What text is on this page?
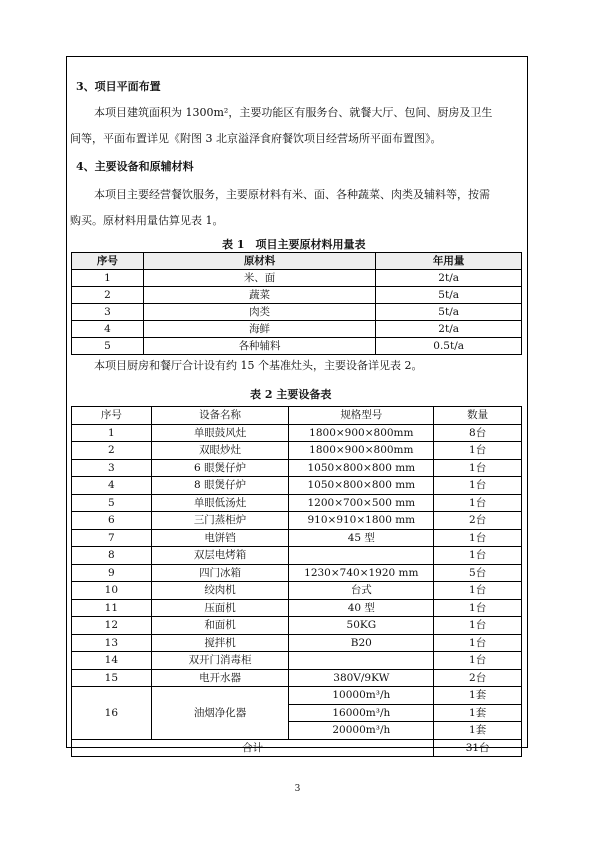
3、项目平面布置
本项目建筑面积为 1300m²，主要功能区有服务台、就餐大厅、包间、厨房及卫生
间等，平面布置详见《附图 3 北京溢泽食府餐饮项目经营场所平面布置图》。
4、主要设备和原辅材料
本项目主要经营餐饮服务，主要原材料有米、面、各种蔬菜、肉类及辅料等，按需
购买。原材料用量估算见表 1。
表 1　项目主要原材料用量表
序号	原材料	年用量
1	米、面	2t/a
2	蔬菜	5t/a
3	肉类	5t/a
4	海鲜	2t/a
5	各种辅料	0.5t/a
本项目厨房和餐厅合计设有约 15 个基准灶头，主要设备详见表 2。
表 2 主要设备表
序号	设备名称	规格型号	数量
1	单眼鼓风灶	1800×900×800mm	8台
2	双眼炒灶	1800×900×800mm	1台
3	6 眼煲仔炉	1050×800×800 mm	1台
4	8 眼煲仔炉	1050×800×800 mm	1台
5	单眼低汤灶	1200×700×500 mm	1台
6	三门蒸柜炉	910×910×1800 mm	2台
7	电饼铛	45 型	1台
8	双层电烤箱		1台
9	四门冰箱	1230×740×1920 mm	5台
10	绞肉机	台式	1台
11	压面机	40 型	1台
12	和面机	50KG	1台
13	搅拌机	B20	1台
14	双开门消毒柜		1台
15	电开水器	380V/9KW	2台
16	油烟净化器	10000m³/h	1套
		16000m³/h	1套
		20000m³/h	1套
合计			31台
3
